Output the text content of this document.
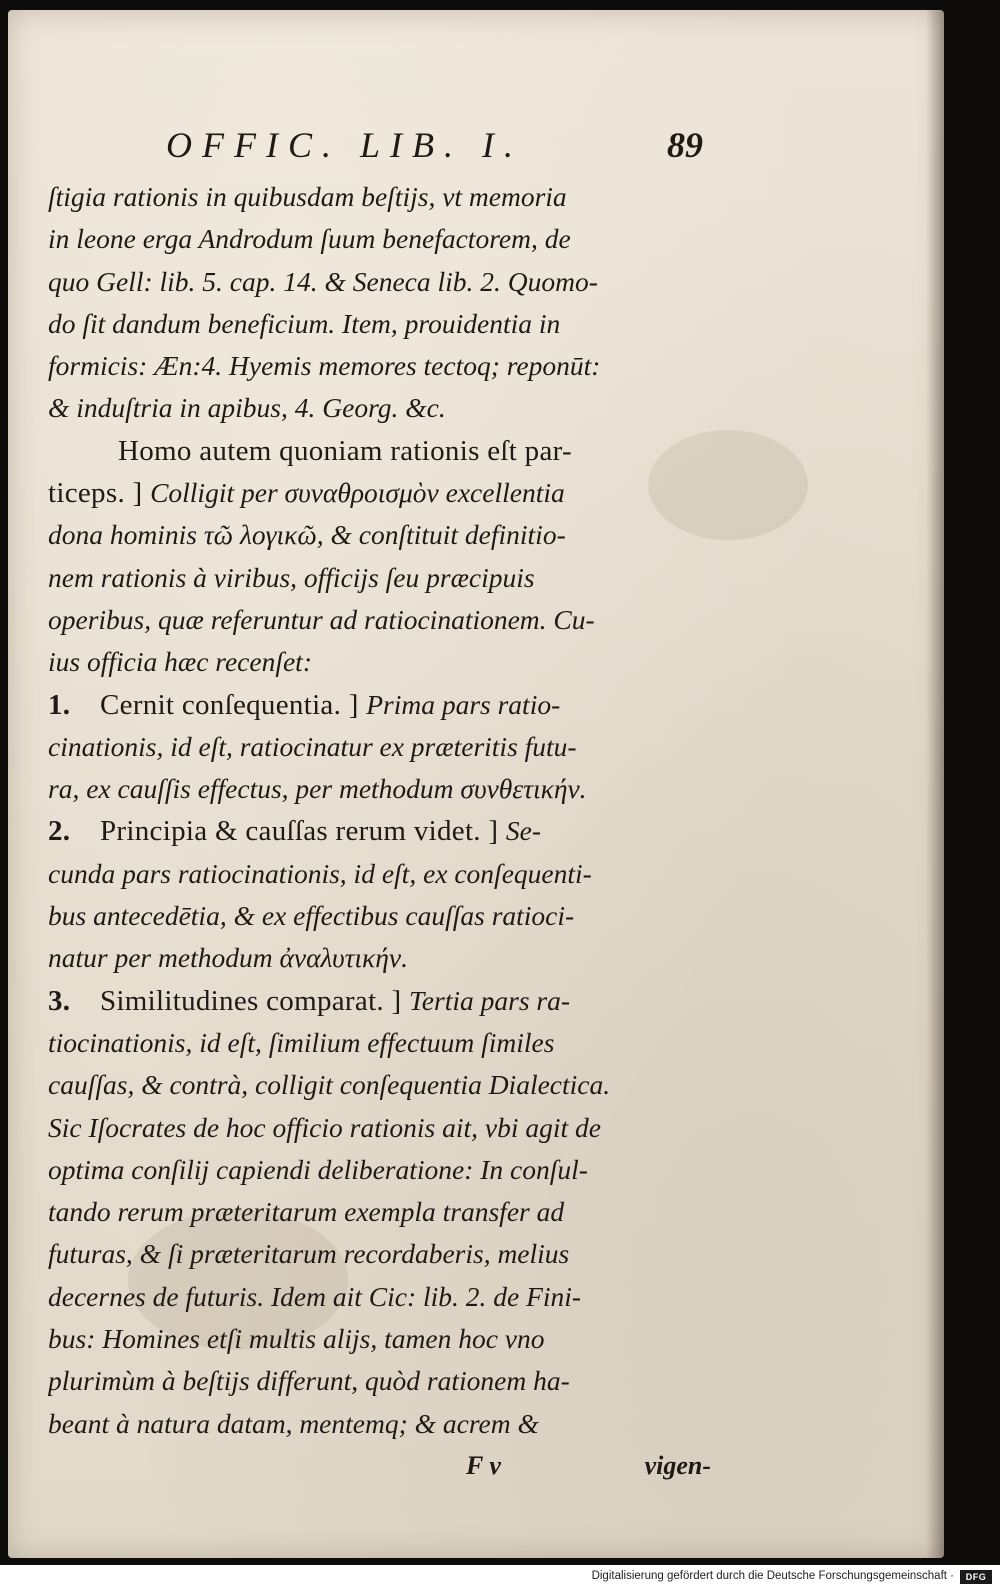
OFFIC. LIB. I.	89
ſtigia rationis in quibusdam beſtijs, vt memoria
in leone erga Androdum ſuum benefactorem, de
quo Gell: lib. 5. cap. 14. & Seneca lib. 2. Quomo-
do ſit dandum beneficium. Item, prouidentia in
formicis: Æn:4. Hyemis memores tectoq; reponūt:
& induſtria in apibus, 4. Georg. &c.
Homo autem quoniam rationis eſt par-
ticeps. ] Colligit per συναθροισμὸν excellentia
dona hominis τῶ λογικῶ, & conſtituit definitio-
nem rationis à viribus, officijs ſeu præcipuis
operibus, quæ referuntur ad ratiocinationem. Cu-
ius officia hæc recenſet:
1. Cernit conſequentia. ] Prima pars ratio-
cinationis, id eſt, ratiocinatur ex præteritis futu-
ra, ex cauſſis effectus, per methodum συνθετικήν.
2. Principia & cauſſas rerum videt. ] Se-
cunda pars ratiocinationis, id eſt, ex conſequenti-
bus antecedētia, & ex effectibus cauſſas ratioci-
natur per methodum ἀναλυτικήν.
3. Similitudines comparat. ] Tertia pars ra-
tiocinationis, id eſt, ſimilium effectuum ſimiles
cauſſas, & contrà, colligit conſequentia Dialectica.
Sic Iſocrates de hoc officio rationis ait, vbi agit de
optima conſilij capiendi deliberatione: In conſul-
tando rerum præteritarum exempla transfer ad
futuras, & ſi præteritarum recordaberis, melius
decernes de futuris. Idem ait Cic: lib. 2. de Fini-
bus: Homines etſi multis alijs, tamen hoc vno
plurimùm à beſtijs differunt, quòd rationem ha-
beant à natura datam, mentemq; & acrem &
F v	vigen-
Digitalisierung gefördert durch die Deutsche Forschungsgemeinschaft ·	DFG
